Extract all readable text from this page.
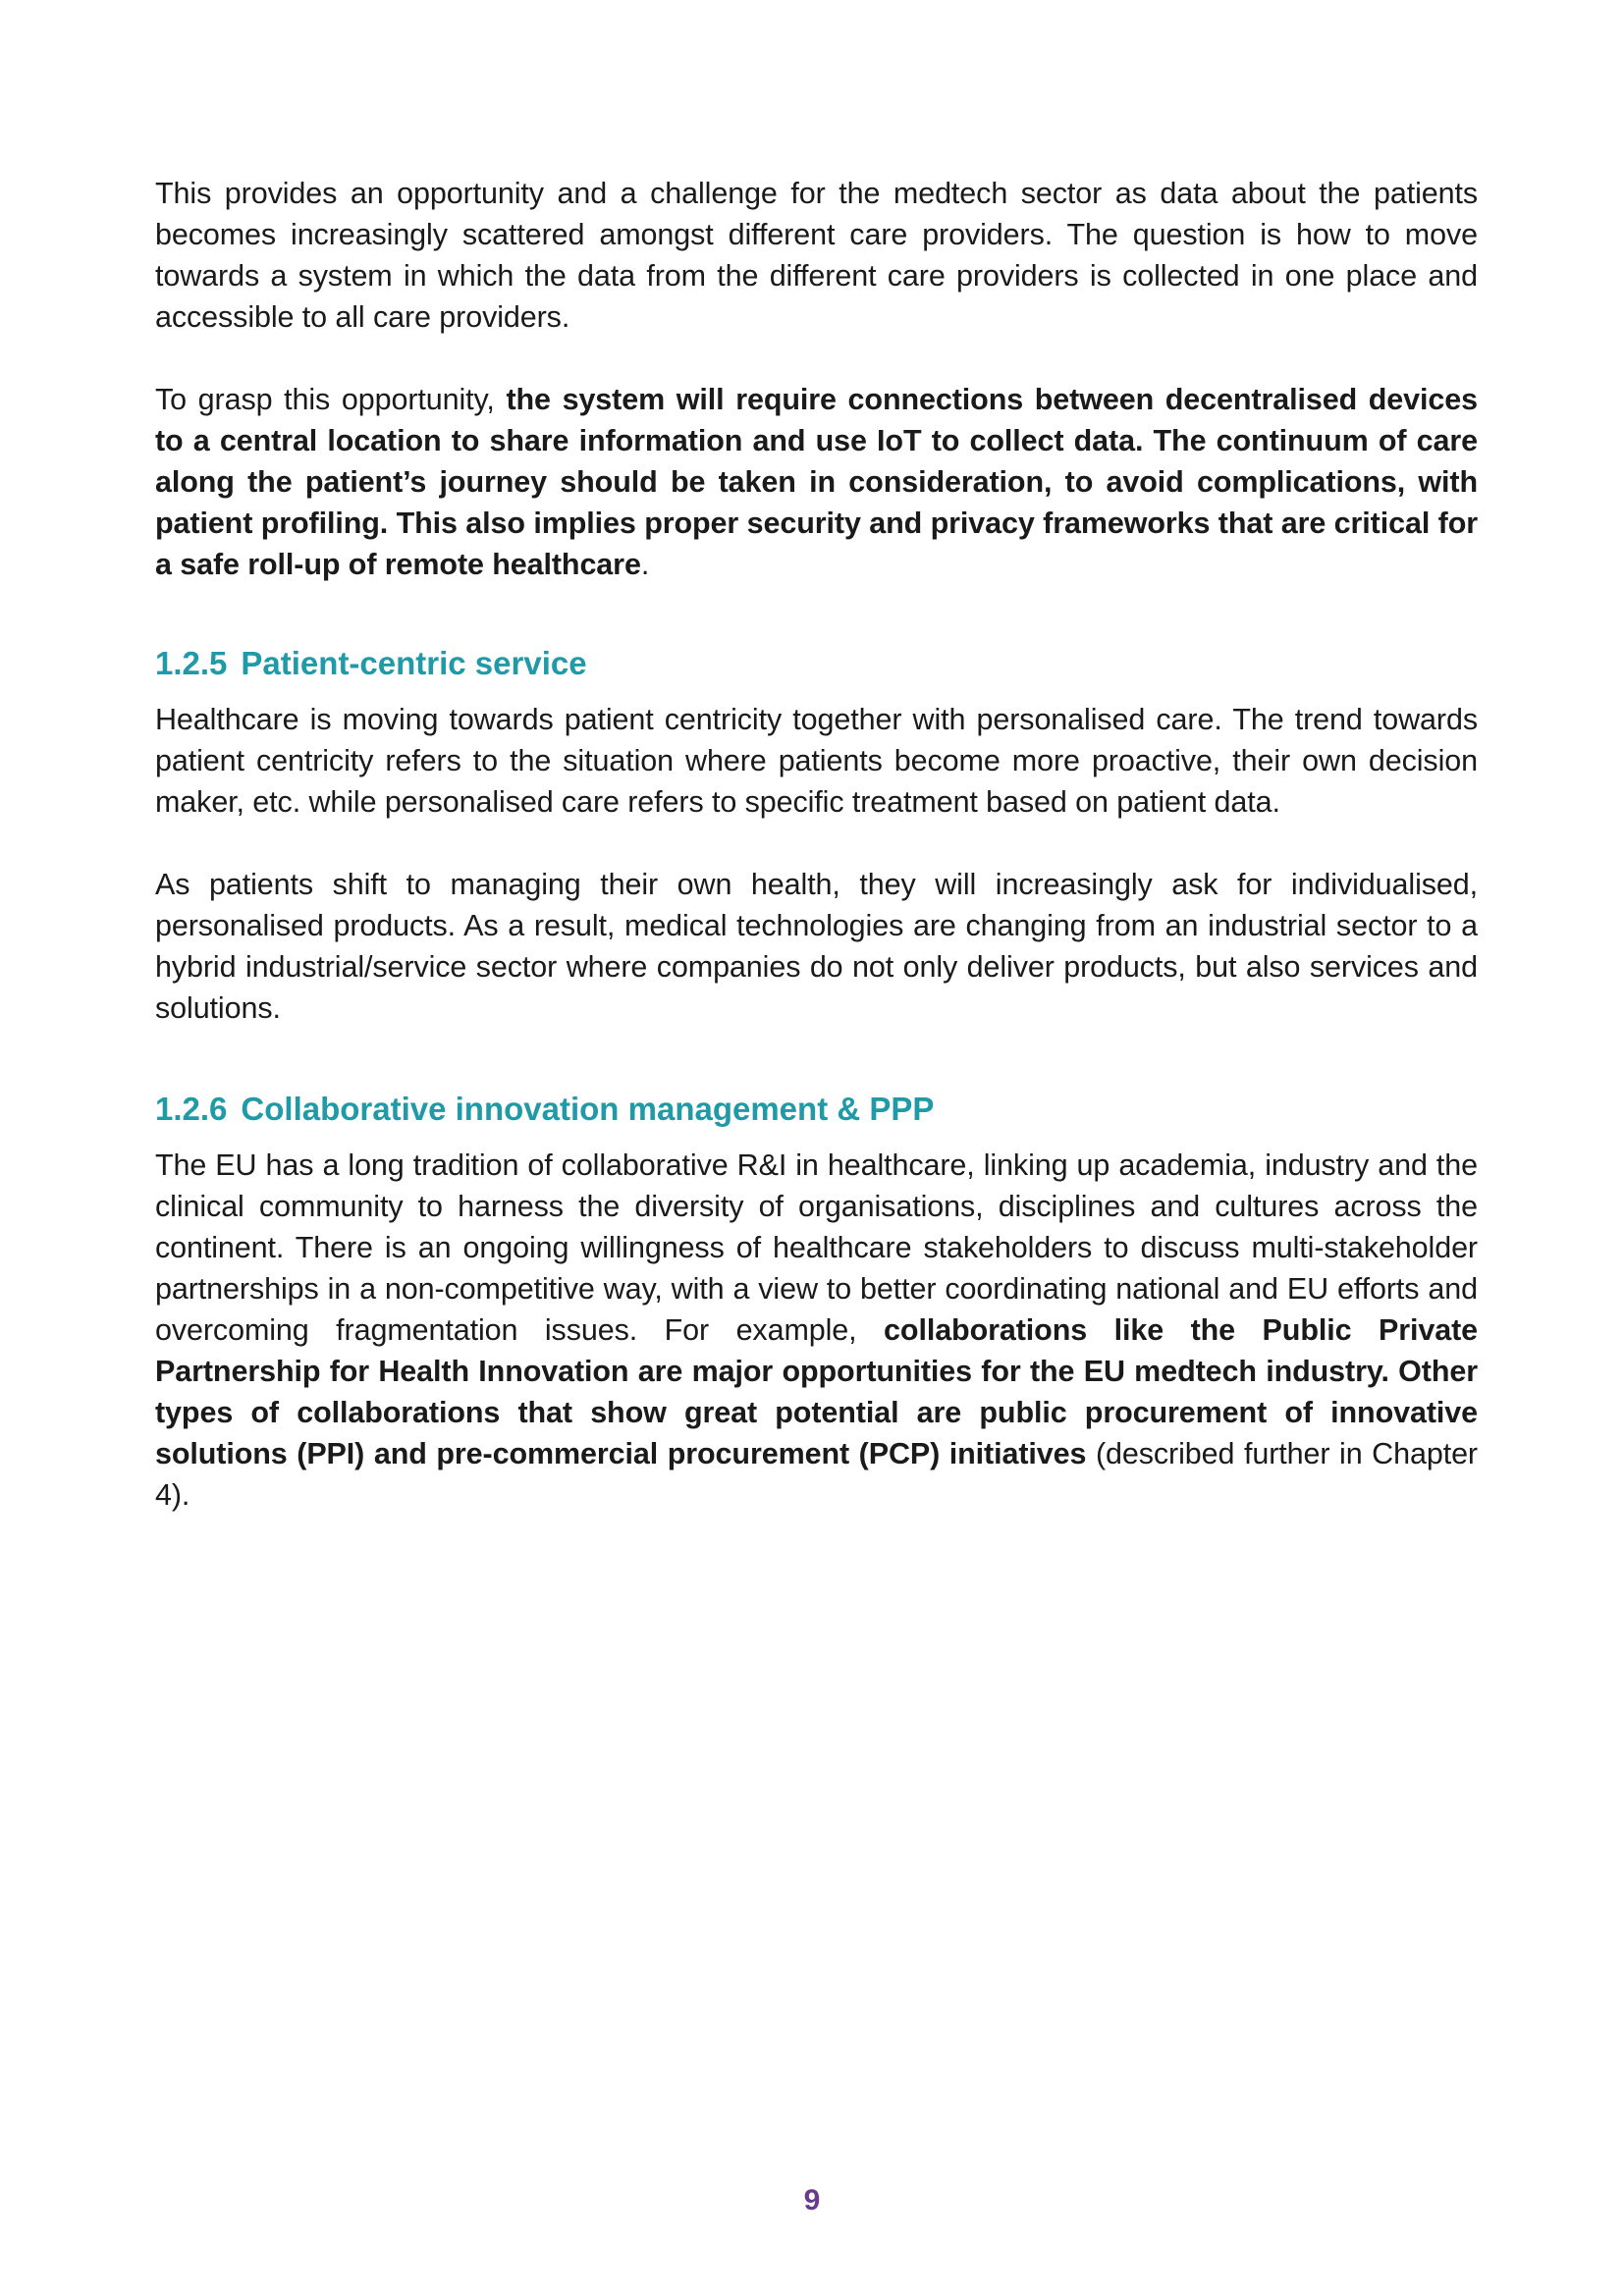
This provides an opportunity and a challenge for the medtech sector as data about the patients becomes increasingly scattered amongst different care providers. The question is how to move towards a system in which the data from the different care providers is collected in one place and accessible to all care providers.

To grasp this opportunity, the system will require connections between decentralised devices to a central location to share information and use IoT to collect data. The continuum of care along the patient’s journey should be taken in consideration, to avoid complications, with patient profiling. This also implies proper security and privacy frameworks that are critical for a safe roll-up of remote healthcare.

1.2.5 Patient-centric service

Healthcare is moving towards patient centricity together with personalised care. The trend towards patient centricity refers to the situation where patients become more proactive, their own decision maker, etc. while personalised care refers to specific treatment based on patient data.

As patients shift to managing their own health, they will increasingly ask for individualised, personalised products. As a result, medical technologies are changing from an industrial sector to a hybrid industrial/service sector where companies do not only deliver products, but also services and solutions.

1.2.6 Collaborative innovation management & PPP

The EU has a long tradition of collaborative R&I in healthcare, linking up academia, industry and the clinical community to harness the diversity of organisations, disciplines and cultures across the continent. There is an ongoing willingness of healthcare stakeholders to discuss multi-stakeholder partnerships in a non-competitive way, with a view to better coordinating national and EU efforts and overcoming fragmentation issues. For example, collaborations like the Public Private Partnership for Health Innovation are major opportunities for the EU medtech industry. Other types of collaborations that show great potential are public procurement of innovative solutions (PPI) and pre-commercial procurement (PCP) initiatives (described further in Chapter 4).

9
